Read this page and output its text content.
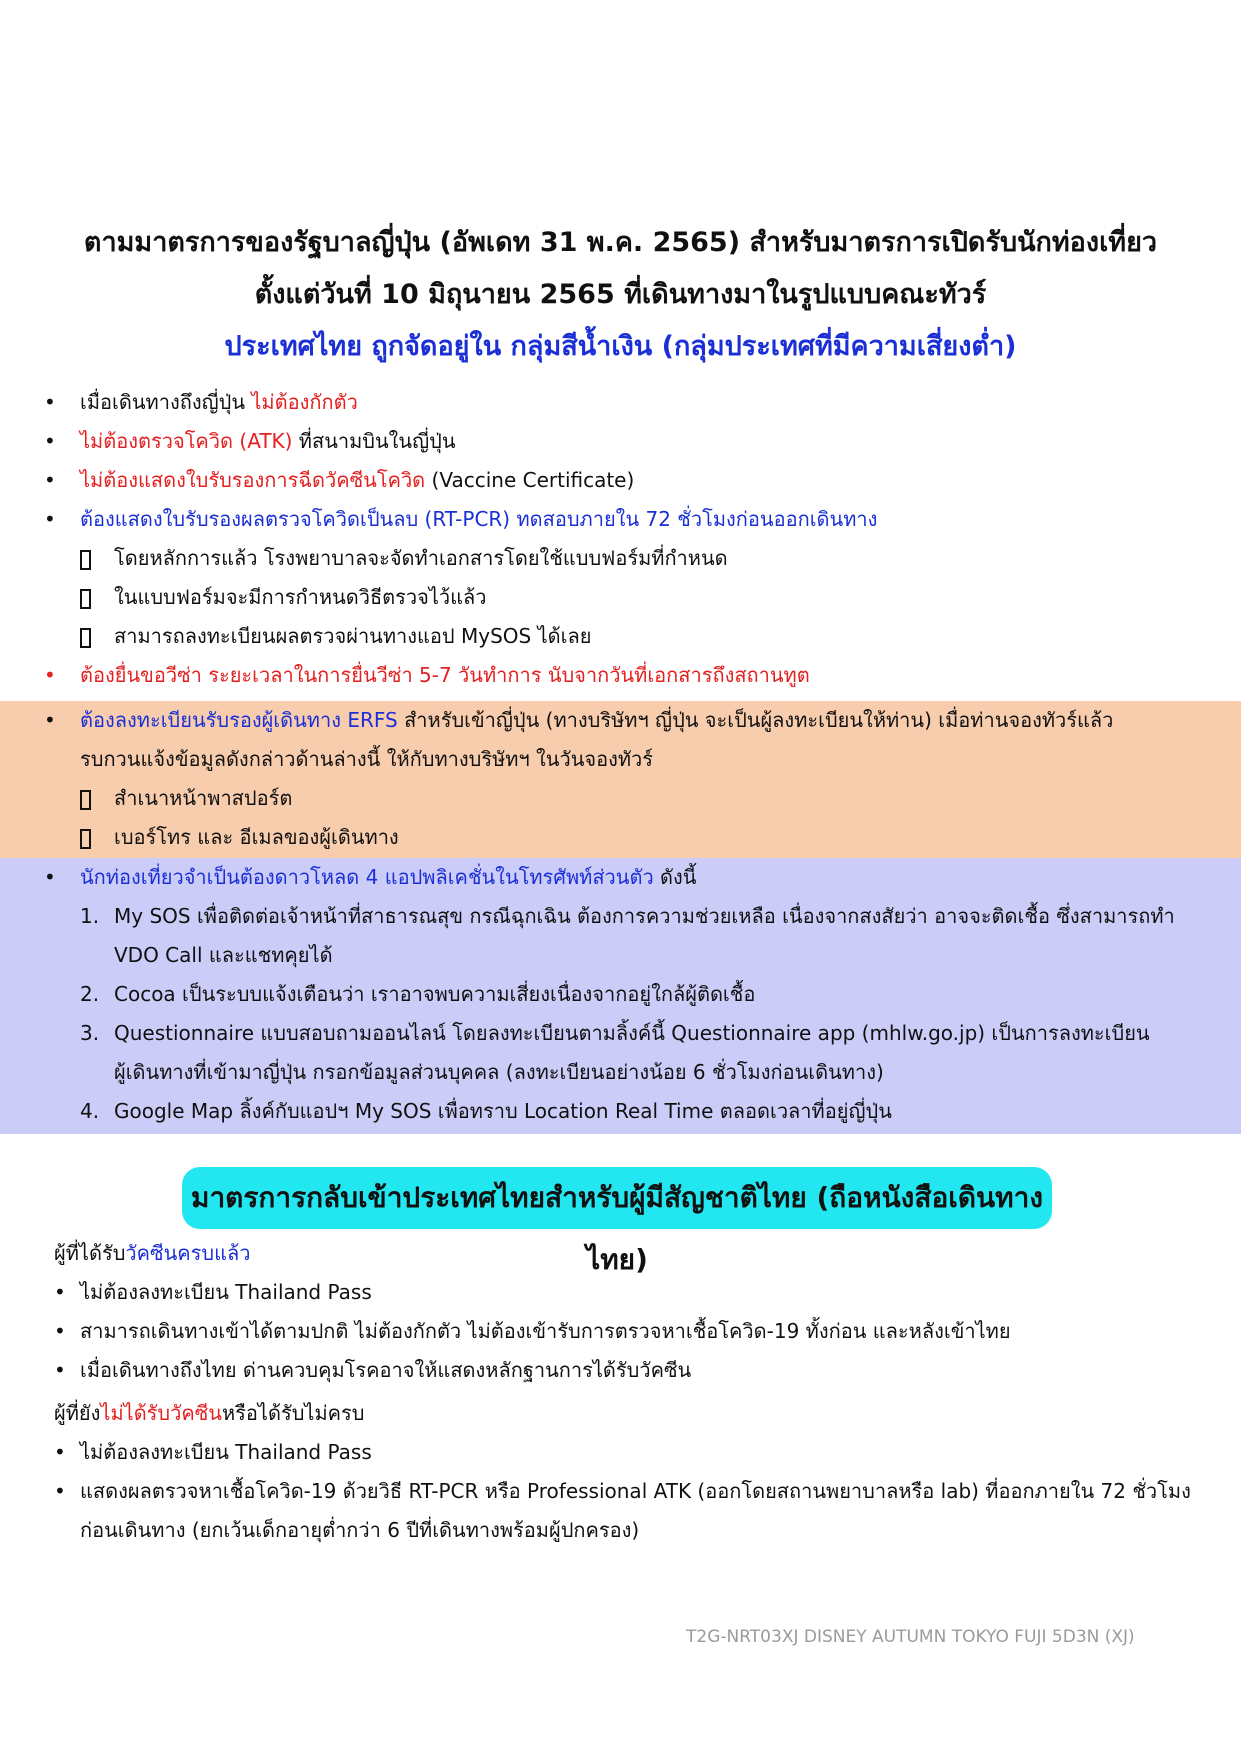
ตามมาตรการของรัฐบาลญี่ปุ่น (อัพเดท 31 พ.ค. 2565) สำหรับมาตรการเปิดรับนักท่องเที่ยว
ตั้งแต่วันที่ 10 มิถุนายน 2565 ที่เดินทางมาในรูปแบบคณะทัวร์
ประเทศไทย ถูกจัดอยู่ใน กลุ่มสีน้ำเงิน (กลุ่มประเทศที่มีความเสี่ยงต่ำ)
• เมื่อเดินทางถึงญี่ปุ่น ไม่ต้องกักตัว
• ไม่ต้องตรวจโควิด (ATK) ที่สนามบินในญี่ปุ่น
• ไม่ต้องแสดงใบรับรองการฉีดวัคซีนโควิด (Vaccine Certificate)
• ต้องแสดงใบรับรองผลตรวจโควิดเป็นลบ (RT-PCR) ทดสอบภายใน 72 ชั่วโมงก่อนออกเดินทาง
โดยหลักการแล้ว โรงพยาบาลจะจัดทำเอกสารโดยใช้แบบฟอร์มที่กำหนด
ในแบบฟอร์มจะมีการกำหนดวิธีตรวจไว้แล้ว
สามารถลงทะเบียนผลตรวจผ่านทางแอป MySOS ได้เลย
• ต้องยื่นขอวีซ่า ระยะเวลาในการยื่นวีซ่า 5-7 วันทำการ นับจากวันที่เอกสารถึงสถานทูต
• ต้องลงทะเบียนรับรองผู้เดินทาง ERFS สำหรับเข้าญี่ปุ่น (ทางบริษัทฯ ญี่ปุ่น จะเป็นผู้ลงทะเบียนให้ท่าน) เมื่อท่านจองทัวร์แล้ว
รบกวนแจ้งข้อมูลดังกล่าวด้านล่างนี้ ให้กับทางบริษัทฯ ในวันจองทัวร์
สำเนาหน้าพาสปอร์ต
เบอร์โทร และ อีเมลของผู้เดินทาง
• นักท่องเที่ยวจำเป็นต้องดาวโหลด 4 แอปพลิเคชั่นในโทรศัพท์ส่วนตัว ดังนี้
1. My SOS เพื่อติดต่อเจ้าหน้าที่สาธารณสุข กรณีฉุกเฉิน ต้องการความช่วยเหลือ เนื่องจากสงสัยว่า อาจจะติดเชื้อ ซึ่งสามารถทำ
VDO Call และแชทคุยได้
2. Cocoa เป็นระบบแจ้งเตือนว่า เราอาจพบความเสี่ยงเนื่องจากอยู่ใกล้ผู้ติดเชื้อ
3. Questionnaire แบบสอบถามออนไลน์ โดยลงทะเบียนตามลิ้งค์นี้ Questionnaire app (mhlw.go.jp) เป็นการลงทะเบียน
ผู้เดินทางที่เข้ามาญี่ปุ่น กรอกข้อมูลส่วนบุคคล (ลงทะเบียนอย่างน้อย 6 ชั่วโมงก่อนเดินทาง)
4. Google Map ลิ้งค์กับแอปฯ My SOS เพื่อทราบ Location Real Time ตลอดเวลาที่อยู่ญี่ปุ่น
มาตรการกลับเข้าประเทศไทยสำหรับผู้มีสัญชาติไทย (ถือหนังสือเดินทางไทย)
ผู้ที่ได้รับวัคซีนครบแล้ว
• ไม่ต้องลงทะเบียน Thailand Pass
• สามารถเดินทางเข้าได้ตามปกติ ไม่ต้องกักตัว ไม่ต้องเข้ารับการตรวจหาเชื้อโควิด-19 ทั้งก่อน และหลังเข้าไทย
• เมื่อเดินทางถึงไทย ด่านควบคุมโรคอาจให้แสดงหลักฐานการได้รับวัคซีน
ผู้ที่ยังไม่ได้รับวัคซีนหรือได้รับไม่ครบ
• ไม่ต้องลงทะเบียน Thailand Pass
• แสดงผลตรวจหาเชื้อโควิด-19 ด้วยวิธี RT-PCR หรือ Professional ATK (ออกโดยสถานพยาบาลหรือ lab) ที่ออกภายใน 72 ชั่วโมง
ก่อนเดินทาง (ยกเว้นเด็กอายุต่ำกว่า 6 ปีที่เดินทางพร้อมผู้ปกครอง)
T2G-NRT03XJ DISNEY AUTUMN TOKYO FUJI 5D3N (XJ)
